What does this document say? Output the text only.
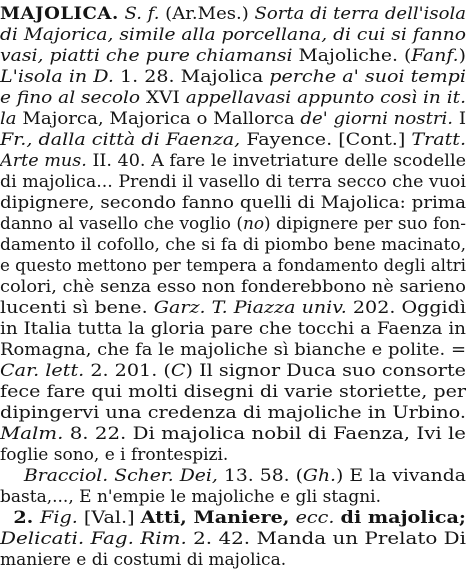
MAJOLICA. S. f. (Ar.Mes.) Sorta di terra dell'isola
di Majorica, simile alla porcellana, di cui si fanno
vasi, piatti che pure chiamansi Majoliche. (Fanf.)
L'isola in D. 1. 28. Majolica perche a' suoi tempi
e fino al secolo XVI appellavasi appunto così in it.
la Majorca, Majorica o Mallorca de' giorni nostri. I
Fr., dalla città di Faenza, Fayence. [Cont.] Tratt.
Arte mus. II. 40. A fare le invetriature delle scodelle
di majolica... Prendi il vasello di terra secco che vuoi
dipignere, secondo fanno quelli di Majolica: prima
danno al vasello che voglio (no) dipignere per suo fon-
damento il cofollo, che si fa di piombo bene macinato,
e questo mettono per tempera a fondamento degli altri
colori, chè senza esso non fonderebbono nè sarieno
lucenti sì bene. Garz. T. Piazza univ. 202. Oggidì
in Italia tutta la gloria pare che tocchi a Faenza in
Romagna, che fa le majoliche sì bianche e polite. =
Car. lett. 2. 201. (C) Il signor Duca suo consorte
fece fare qui molti disegni di varie storiette, per
dipingervi una credenza di majoliche in Urbino.
Malm. 8. 22. Di majolica nobil di Faenza, Ivi le
foglie sono, e i frontespizi.
Bracciol. Scher. Dei, 13. 58. (Gh.) E la vivanda
basta,..., E n'empie le majoliche e gli stagni.
2. Fig. [Val.] Atti, Maniere, ecc. di majolica;
Delicati. Fag. Rim. 2. 42. Manda un Prelato Di
maniere e di costumi di majolica.
